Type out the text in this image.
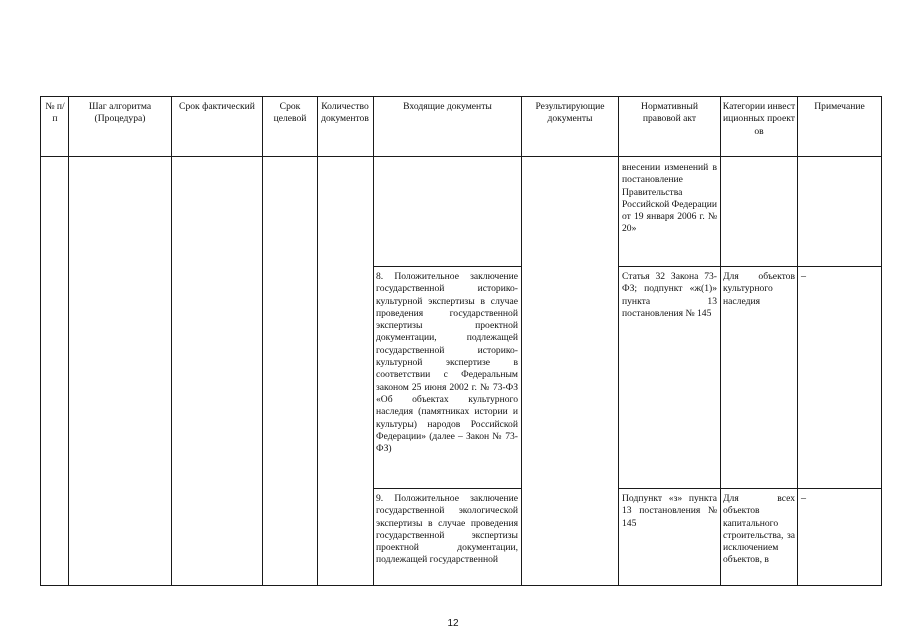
№ п/п
Шаг алгоритма (Процедура)
Срок фактический	Срок целевой
Количество документов
Входящие документы	Результирующие документы
Нормативный правовой акт
Категории инвестиционных проектов
Примечание
внесении изменений в постановление Правительства Российской Федерации от 19 января 2006 г. № 20»
8. Положительное заключение государственной историко-культурной экспертизы в случае проведения государственной экспертизы проектной документации, подлежащей государственной историко-культурной экспертизе в соответствии с Федеральным законом 25 июня 2002 г. № 73-ФЗ «Об объектах культурного наследия (памятниках истории и культуры) народов Российской Федерации» (далее – Закон № 73-ФЗ)
Статья 32 Закона 73-ФЗ; подпункт «ж(1)» пункта 13 постановления № 145
Для объектов культурного наследия
–
9. Положительное заключение государственной экологической экспертизы в случае проведения государственной экспертизы проектной документации, подлежащей государственной
Подпункт «з» пункта 13 постановления № 145
Для всех объектов капитального строительства, за исключением объектов, в
–
12
